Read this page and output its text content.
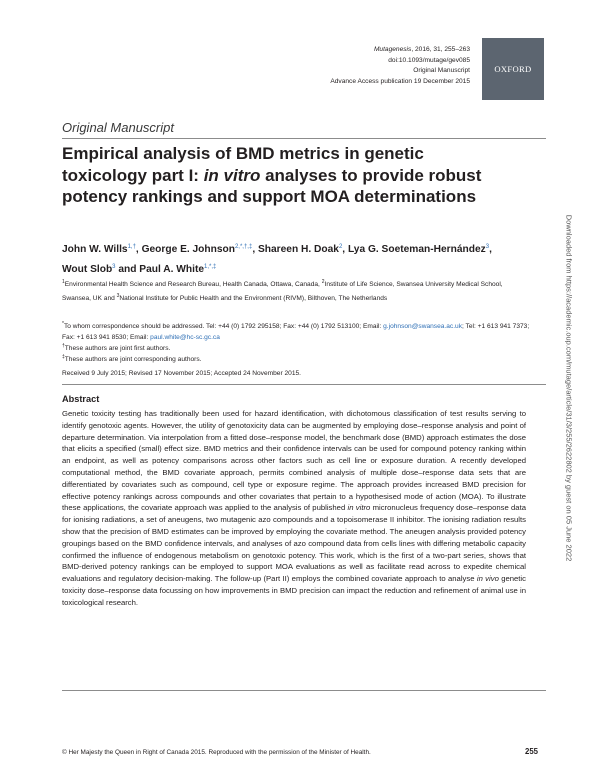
Mutagenesis, 2016, 31, 255–263
doi:10.1093/mutage/gev085
Original Manuscript
Advance Access publication 19 December 2015
OXFORD
Original Manuscript
Empirical analysis of BMD metrics in genetic toxicology part I: in vitro analyses to provide robust potency rankings and support MOA determinations
John W. Wills$^{1,\dagger}$, George E. Johnson$^{2,*,\dagger,\ddagger}$, Shareen H. Doak$^2$, Lya G. Soeteman-Hernández$^3$, Wout Slob$^3$ and Paul A. White$^{1,*,\ddagger}$
$^1$Environmental Health Science and Research Bureau, Health Canada, Ottawa, Canada, $^2$Institute of Life Science, Swansea University Medical School, Swansea, UK and $^3$National Institute for Public Health and the Environment (RIVM), Bilthoven, The Netherlands
*To whom correspondence should be addressed. Tel: +44 (0) 1792 295158; Fax: +44 (0) 1792 513100; Email: g.johnson@swansea.ac.uk; Tel: +1 613 941 7373; Fax: +1 613 941 8530; Email: paul.white@hc-sc.gc.ca
†These authors are joint first authors.
‡These authors are joint corresponding authors.
Received 9 July 2015; Revised 17 November 2015; Accepted 24 November 2015.
Abstract

Genetic toxicity testing has traditionally been used for hazard identification, with dichotomous classification of test results serving to identify genotoxic agents. However, the utility of genotoxicity data can be augmented by employing dose–response analysis and point of departure determination. Via interpolation from a fitted dose–response model, the benchmark dose (BMD) approach estimates the dose that elicits a specified (small) effect size. BMD metrics and their confidence intervals can be used for compound potency ranking within an endpoint, as well as potency comparisons across other factors such as cell line or exposure duration. A recently developed computational method, the BMD covariate approach, permits combined analysis of multiple dose–response data sets that are differentiated by covariates such as compound, cell type or exposure regime. The approach provides increased BMD precision for effective potency rankings across compounds and other covariates that pertain to a hypothesised mode of action (MOA). To illustrate these applications, the covariate approach was applied to the analysis of published in vitro micronucleus frequency dose–response data for ionising radiations, a set of aneugens, two mutagenic azo compounds and a topoisomerase II inhibitor. The ionising radiation results show that the precision of BMD estimates can be improved by employing the covariate method. The aneugen analysis provided potency groupings based on the BMD confidence intervals, and analyses of azo compound data from cells lines with differing metabolic capacity confirmed the influence of endogenous metabolism on genotoxic potency. This work, which is the first of a two-part series, shows that BMD-derived potency rankings can be employed to support MOA evaluations as well as facilitate read across to expedite chemical evaluations and regulatory decision-making. The follow-up (Part II) employs the combined covariate approach to analyse in vivo genetic toxicity dose–response data focussing on how improvements in BMD precision can impact the reduction and refinement of animal use in toxicological research.

© Her Majesty the Queen in Right of Canada 2015. Reproduced with the permission of the Minister of Health.	255
Downloaded from https://academic.oup.com/mutage/article/31/3/255/2622802 by guest on 05 June 2022
